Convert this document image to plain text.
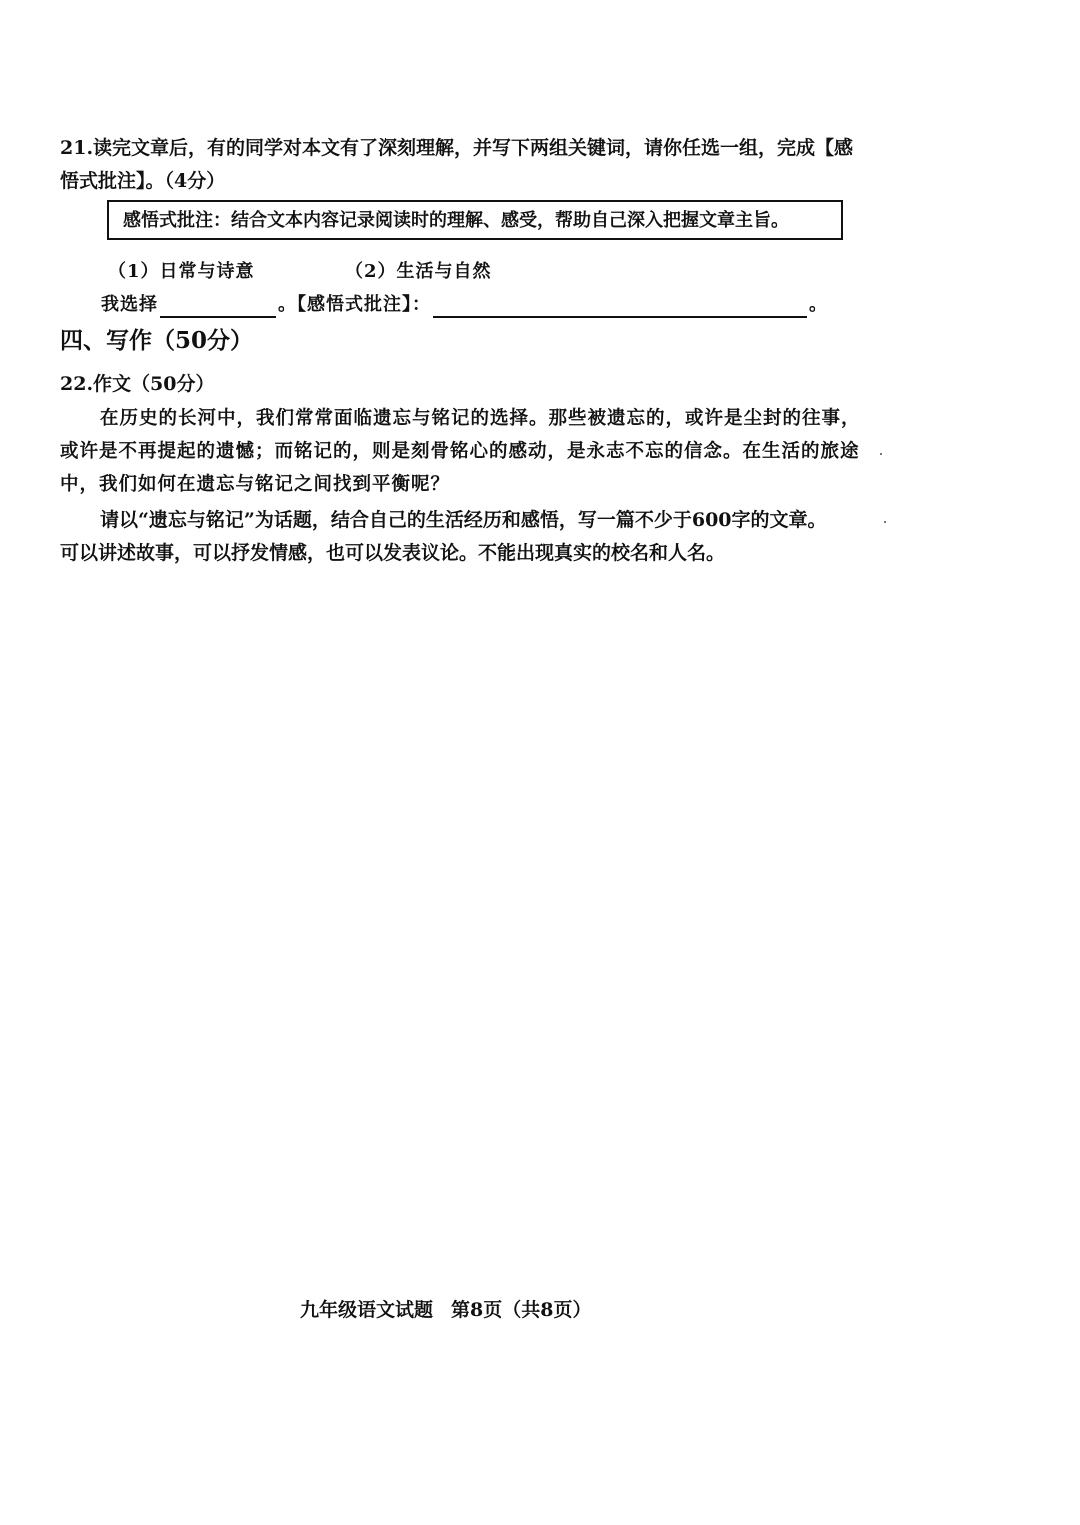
21.读完文章后，有的同学对本文有了深刻理解，并写下两组关键词，请你任选一组，完成【感
悟式批注】。（4分）
感悟式批注：结合文本内容记录阅读时的理解、感受，帮助自己深入把握文章主旨。
（1）日常与诗意	（2）生活与自然
我选择	。【感悟式批注】：	。
四、写作（50分）
22.作文（50分）
在历史的长河中，我们常常面临遗忘与铭记的选择。那些被遗忘的，或许是尘封的往事，
或许是不再提起的遗憾；而铭记的，则是刻骨铭心的感动，是永志不忘的信念。在生活的旅途
中，我们如何在遗忘与铭记之间找到平衡呢？
请以“遗忘与铭记”为话题，结合自己的生活经历和感悟，写一篇不少于600字的文章。
可以讲述故事，可以抒发情感，也可以发表议论。不能出现真实的校名和人名。
九年级语文试题 第8页（共8页）
